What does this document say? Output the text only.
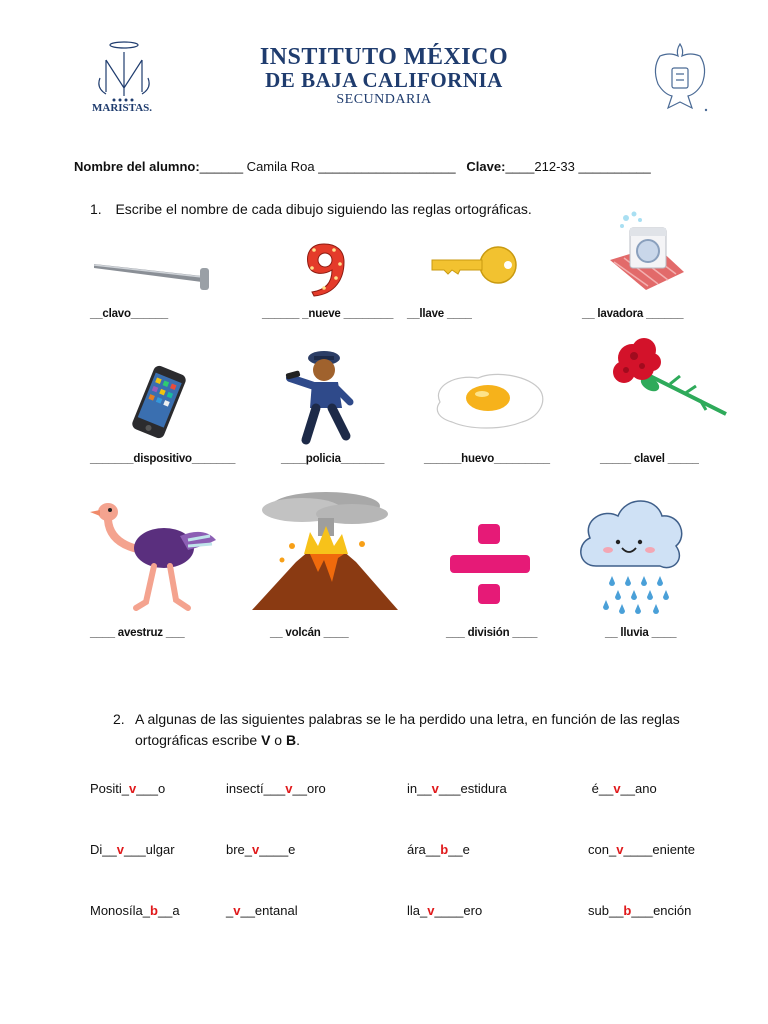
MARISTAS.
INSTITUTO MÉXICO
DE BAJA CALIFORNIA
SECUNDARIA

Nombre del alumno:______ Camila Roa ___________________ Clave:____212-33 __________

1. Escribe el nombre de cada dibujo siguiendo las reglas ortográficas.
__clavo______	______ _nueve ________ __llave ____	__ lavadora ______
_______dispositivo_______	____policia_______	______huevo_________	_____ clavel _____
____ avestruz ___	__ volcán ____	___ división ____	__ lluvia ____
2. A algunas de las siguientes palabras se le ha perdido una letra, en función de las reglas
ortográficas escribe V o B.
Positi_v___o	insectí___v__oro	in__v___estidura	é__v__ano
Di__v___ulgar	bre_v____e	ára__b__e	con_v____eniente
Monosíla_b__a	_v__entanal	lla_v____ero	sub__b___ención
